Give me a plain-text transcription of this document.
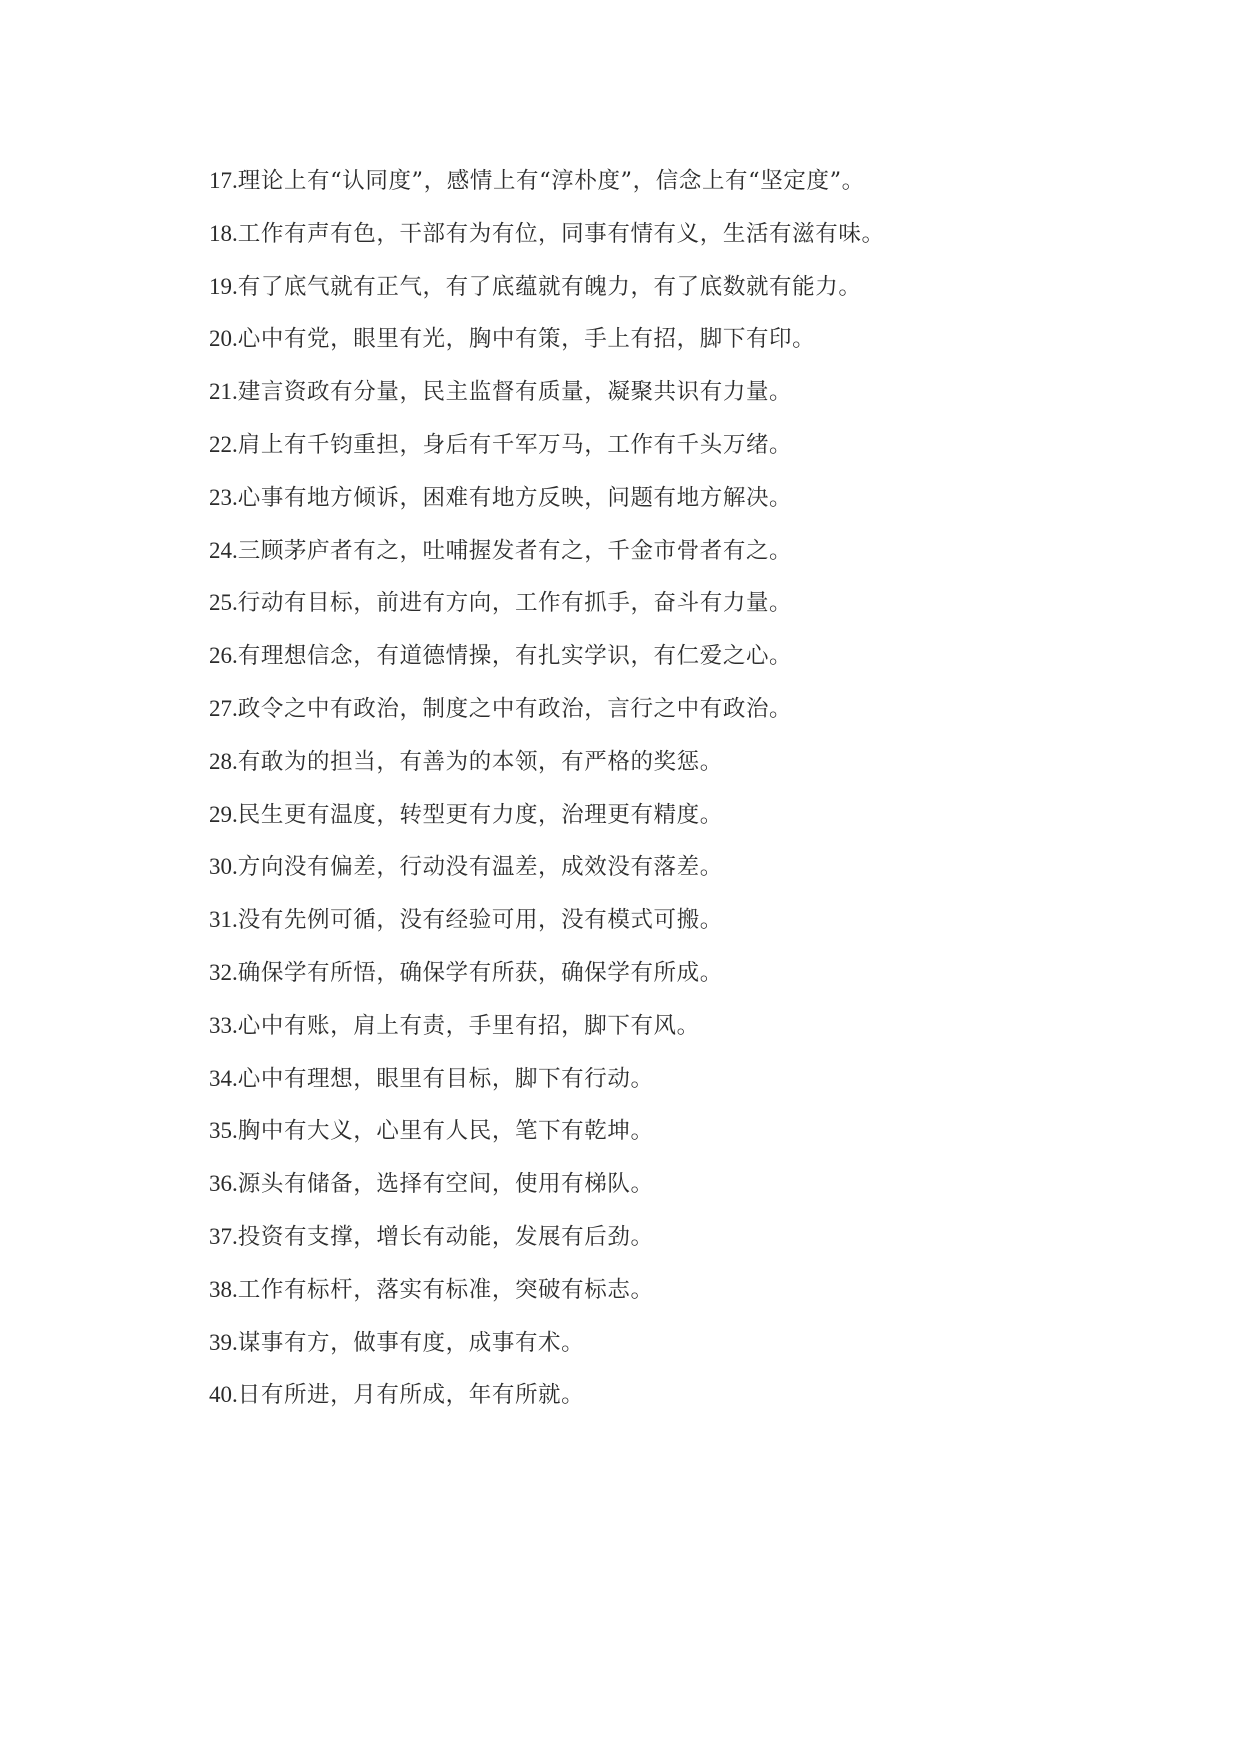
17.理论上有“认同度”，感情上有“淳朴度”，信念上有“坚定度”。
18.工作有声有色，干部有为有位，同事有情有义，生活有滋有味。
19.有了底气就有正气，有了底蕴就有魄力，有了底数就有能力。
20.心中有党，眼里有光，胸中有策，手上有招，脚下有印。
21.建言资政有分量，民主监督有质量，凝聚共识有力量。
22.肩上有千钧重担，身后有千军万马，工作有千头万绪。
23.心事有地方倾诉，困难有地方反映，问题有地方解决。
24.三顾茅庐者有之，吐哺握发者有之，千金市骨者有之。
25.行动有目标，前进有方向，工作有抓手，奋斗有力量。
26.有理想信念，有道德情操，有扎实学识，有仁爱之心。
27.政令之中有政治，制度之中有政治，言行之中有政治。
28.有敢为的担当，有善为的本领，有严格的奖惩。
29.民生更有温度，转型更有力度，治理更有精度。
30.方向没有偏差，行动没有温差，成效没有落差。
31.没有先例可循，没有经验可用，没有模式可搬。
32.确保学有所悟，确保学有所获，确保学有所成。
33.心中有账，肩上有责，手里有招，脚下有风。
34.心中有理想，眼里有目标，脚下有行动。
35.胸中有大义，心里有人民，笔下有乾坤。
36.源头有储备，选择有空间，使用有梯队。
37.投资有支撑，增长有动能，发展有后劲。
38.工作有标杆，落实有标准，突破有标志。
39.谋事有方，做事有度，成事有术。
40.日有所进，月有所成，年有所就。
